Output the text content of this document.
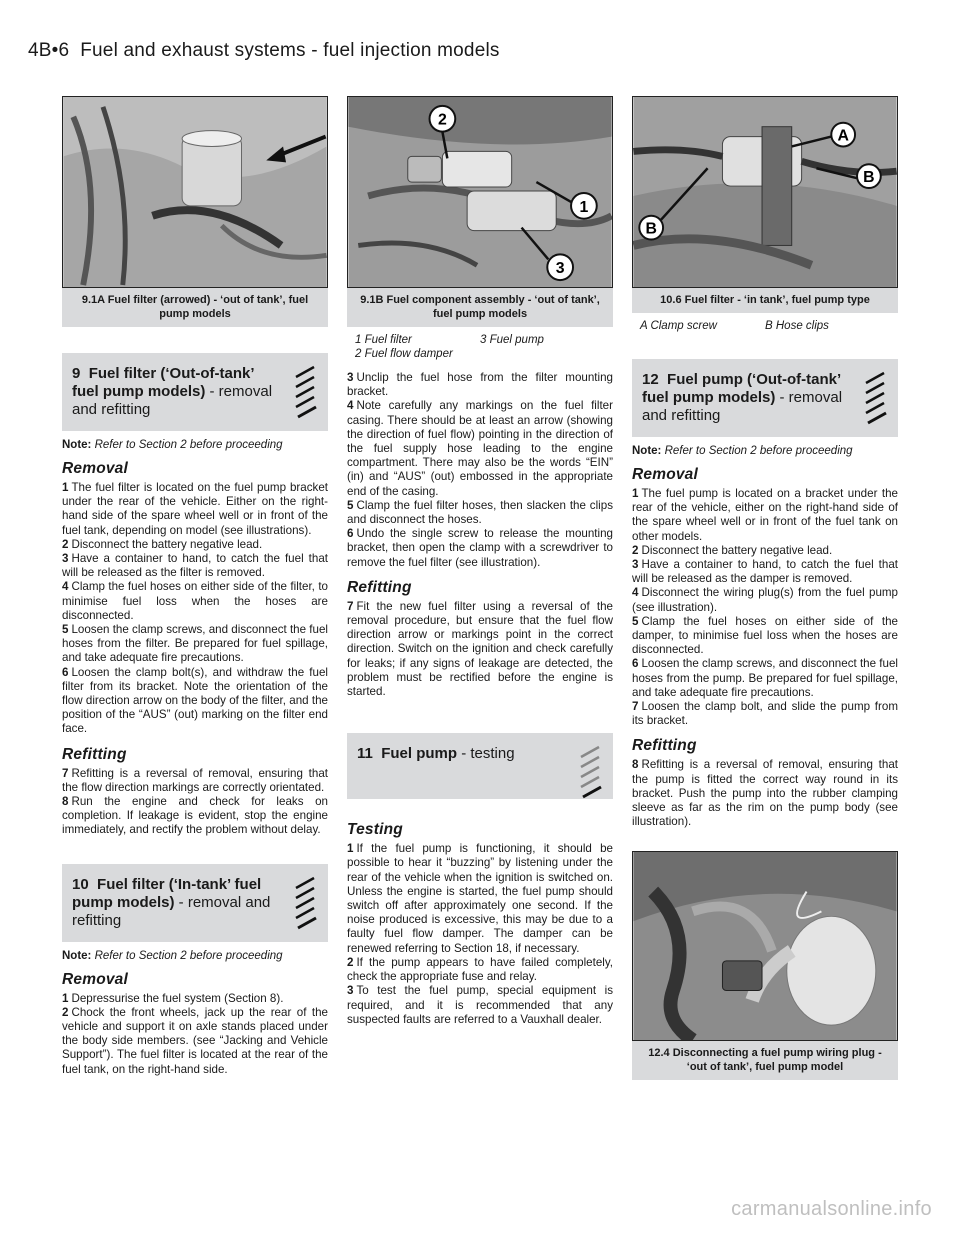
4B•6 Fuel and exhaust systems - fuel injection models
9.1A Fuel filter (arrowed) - ‘out of tank’, fuel pump models
9 Fuel filter (‘Out-of-tank’ fuel pump models) - removal and refitting
Note: Refer to Section 2 before proceeding
Removal

1 The fuel filter is located on the fuel pump bracket under the rear of the vehicle. Either on the right-hand side of the spare wheel well or in front of the fuel tank, depending on model (see illustrations).

2 Disconnect the battery negative lead.

3 Have a container to hand, to catch the fuel that will be released as the filter is removed.

4 Clamp the fuel hoses on either side of the filter, to minimise fuel loss when the hoses are disconnected.

5 Loosen the clamp screws, and disconnect the fuel hoses from the filter. Be prepared for fuel spillage, and take adequate fire precautions.

6 Loosen the clamp bolt(s), and withdraw the fuel filter from its bracket. Note the orientation of the flow direction arrow on the body of the filter, and the position of the “AUS” (out) marking on the filter end face.

Refitting

7 Refitting is a reversal of removal, ensuring that the flow direction markings are correctly orientated.

8 Run the engine and check for leaks on completion. If leakage is evident, stop the engine immediately, and rectify the problem without delay.

10 Fuel filter (‘In-tank’ fuel pump models) - removal and refitting
Note: Refer to Section 2 before proceeding
Removal

1 Depressurise the fuel system (Section 8).

2 Chock the front wheels, jack up the rear of the vehicle and support it on axle stands placed under the body side members. (see “Jacking and Vehicle Support”). The fuel filter is located at the rear of the fuel tank, on the right-hand side.

2
1
3
9.1B Fuel component assembly - ‘out of tank’, fuel pump models
1 Fuel filter	3 Fuel pump
2 Fuel flow damper

3 Unclip the fuel hose from the filter mounting bracket.

4 Note carefully any markings on the fuel filter casing. There should be at least an arrow (showing the direction of fuel flow) pointing in the direction of the fuel supply hose leading to the engine compartment. There may also be the words “EIN” (in) and “AUS” (out) embossed in the appropriate end of the casing.

5 Clamp the fuel filter hoses, then slacken the clips and disconnect the hoses.

6 Undo the single screw to release the mounting bracket, then open the clamp with a screwdriver to remove the fuel filter (see illustration).

Refitting

7 Fit the new fuel filter using a reversal of the removal procedure, but ensure that the fuel flow direction arrow or markings point in the correct direction. Switch on the ignition and check carefully for leaks; if any signs of leakage are detected, the problem must be rectified before the engine is started.

11 Fuel pump - testing
Testing

1 If the fuel pump is functioning, it should be possible to hear it “buzzing” by listening under the rear of the vehicle when the ignition is switched on. Unless the engine is started, the fuel pump should switch off after approximately one second. If the noise produced is excessive, this may be due to a faulty fuel flow damper. The damper can be renewed referring to Section 18, if necessary.

2 If the pump appears to have failed completely, check the appropriate fuse and relay.

3 To test the fuel pump, special equipment is required, and it is recommended that any suspected faults are referred to a Vauxhall dealer.

A
B
B
10.6 Fuel filter - ‘in tank’, fuel pump type
A Clamp screw	B Hose clips
12 Fuel pump (‘Out-of-tank’ fuel pump models) - removal and refitting
Note: Refer to Section 2 before proceeding
Removal

1 The fuel pump is located on a bracket under the rear of the vehicle, either on the right-hand side of the spare wheel well or in front of the fuel tank on other models.

2 Disconnect the battery negative lead.

3 Have a container to hand, to catch the fuel that will be released as the damper is removed.

4 Disconnect the wiring plug(s) from the fuel pump (see illustration).

5 Clamp the fuel hoses on either side of the damper, to minimise fuel loss when the hoses are disconnected.

6 Loosen the clamp screws, and disconnect the fuel hoses from the pump. Be prepared for fuel spillage, and take adequate fire precautions.

7 Loosen the clamp bolt, and slide the pump from its bracket.

Refitting

8 Refitting is a reversal of removal, ensuring that the pump is fitted the correct way round in its bracket. Push the pump into the rubber clamping sleeve as far as the rim on the pump body (see illustration).

12.4 Disconnecting a fuel pump wiring plug - ‘out of tank’, fuel pump model
carmanualsonline.info
